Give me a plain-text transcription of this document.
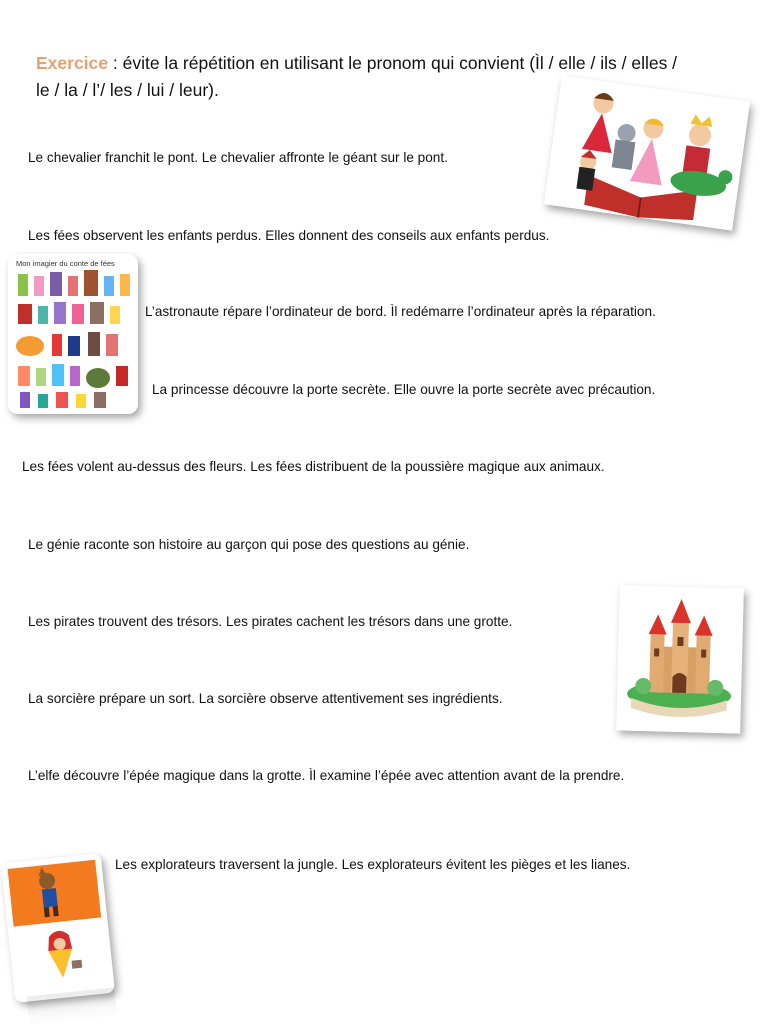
Exercice : évite la répétition en utilisant le pronom qui convient (Ìl / elle / ils / elles /
le / la / l’/ les / lui / leur).
Le chevalier franchit le pont. Le chevalier affronte le géant sur le pont.
Les fées observent les enfants perdus. Elles donnent des conseils aux enfants perdus.
L’astronaute répare l’ordinateur de bord. Ìl redémarre l’ordinateur après la réparation.
La princesse découvre la porte secrète. Elle ouvre la porte secrète avec précaution.
Les fées volent au-dessus des fleurs. Les fées distribuent de la poussière magique aux animaux.
Le génie raconte son histoire au garçon qui pose des questions au génie.
Les pirates trouvent des trésors. Les pirates cachent les trésors dans une grotte.
La sorcière prépare un sort. La sorcière observe attentivement ses ingrédients.
L’elfe découvre l’épée magique dans la grotte. Ìl examine l’épée avec attention avant de la prendre.
Les explorateurs traversent la jungle. Les explorateurs évitent les pièges et les lianes.
Mon imagier du conte de fées
